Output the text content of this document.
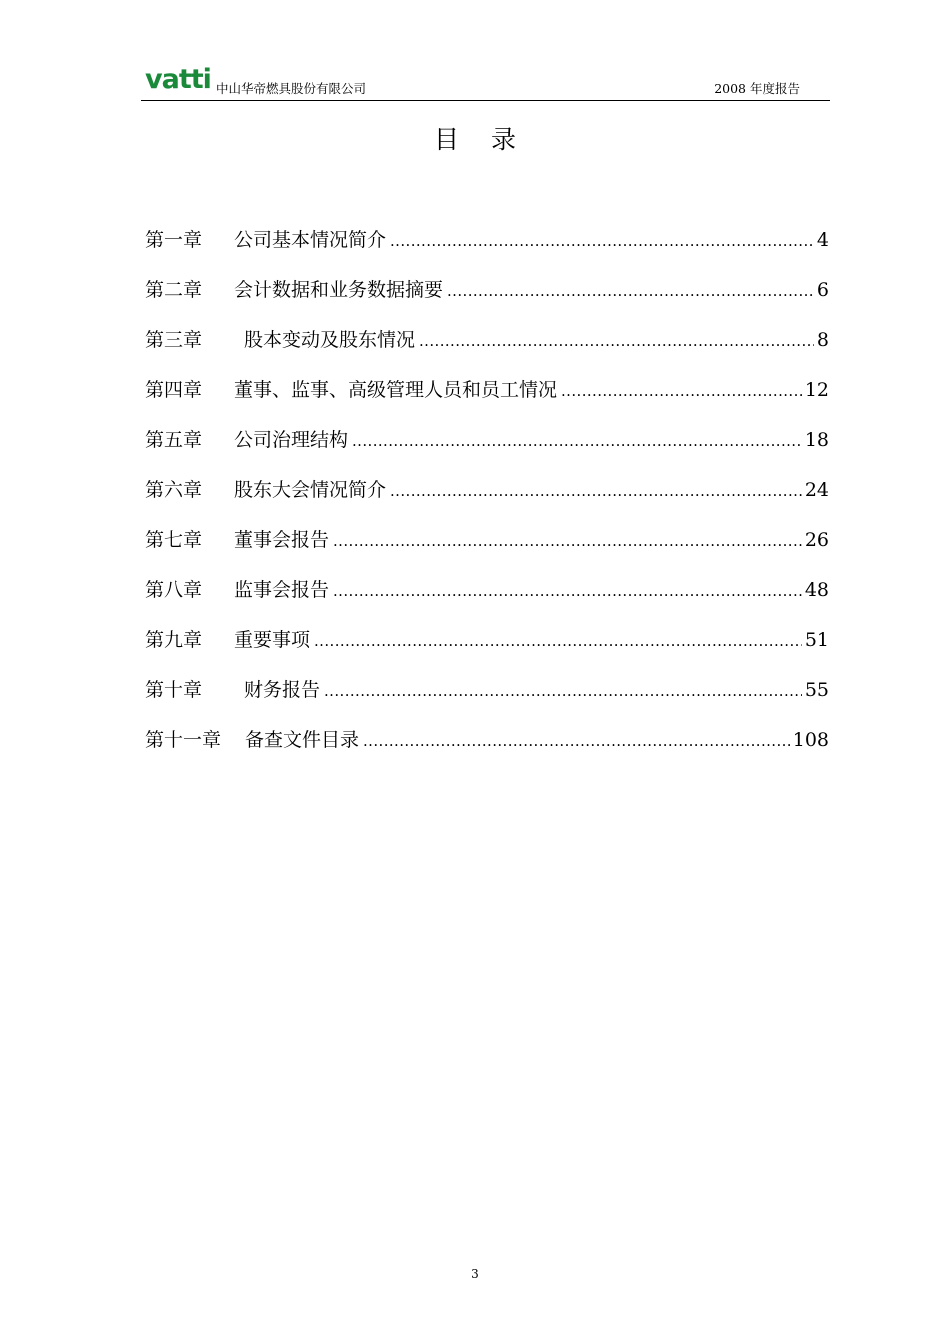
vatti 中山华帝燃具股份有限公司	2008 年度报告
目 录
第一章	公司基本情况简介 .....	4
第二章	会计数据和业务数据摘要 .....	6
第三章	股本变动及股东情况 .....	8
第四章	董事、监事、高级管理人员和员工情况 .....	12
第五章	公司治理结构 .....	18
第六章	股东大会情况简介 .....	24
第七章	董事会报告 .....	26
第八章	监事会报告 .....	48
第九章	重要事项 .....	51
第十章	财务报告 .....	55
第十一章	备查文件目录 .....	108
3
